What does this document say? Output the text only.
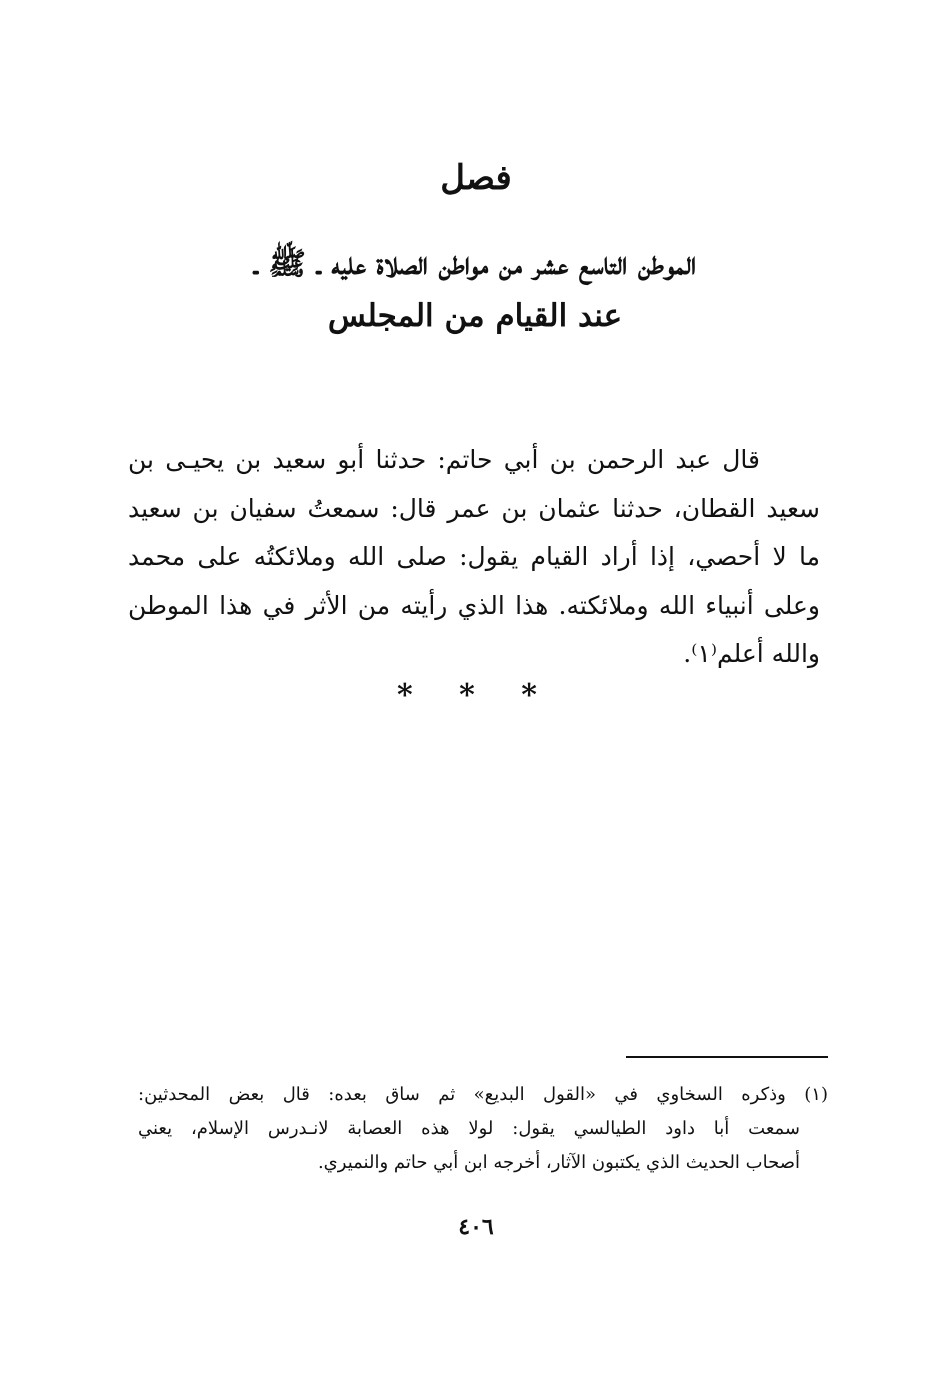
فصل
الموطن التاسع عشر من مواطن الصلاة عليه ـ ﷺ ـ
عند القيام من المجلس
قال عبد الرحمن بن أبي حاتم: حدثنا أبو سعيد بن يحيـى بن
سعيد القطان، حدثنا عثمان بن عمر قال: سمعتُ سفيان بن سعيد
ما لا أحصي، إذا أراد القيام يقول: صلى الله وملائكتُه على محمد
وعلى أنبياء الله وملائكته. هذا الذي رأيته من الأثر في هذا الموطن
والله أعلم⁽١⁾.
* * *
(١) وذكره السخاوي في «القول البديع» ثم ساق بعده: قال بعض المحدثين:
سمعت أبا داود الطيالسي يقول: لولا هذه العصابة لانـدرس الإسلام، يعني
أصحاب الحديث الذي يكتبون الآثار، أخرجه ابن أبي حاتم والنميري.
٤٠٦
